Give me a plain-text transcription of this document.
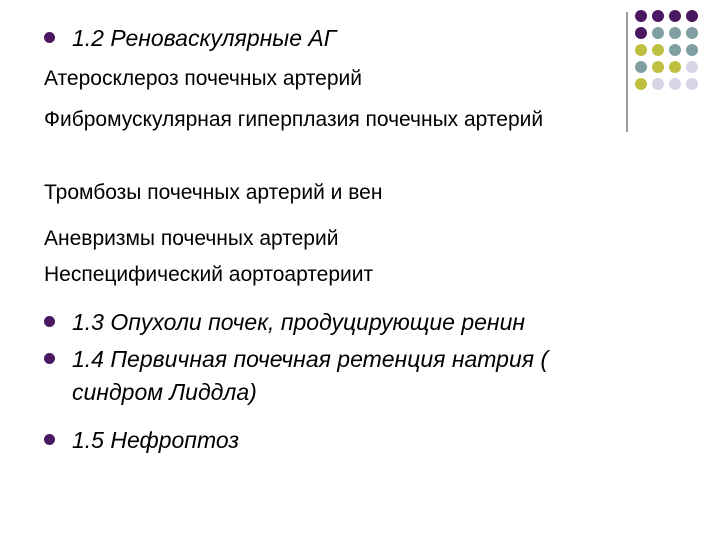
1.2 Реноваскулярные АГ
Атеросклероз почечных артерий
Фибромускулярная гиперплазия почечных артерий
Тромбозы почечных артерий и вен
Аневризмы почечных артерий
Неспецифический аортоартериит
1.3 Опухоли почек, продуцирующие ренин
1.4 Первичная почечная ретенция натрия ( синдром Лиддла)
1.5 Нефроптоз
